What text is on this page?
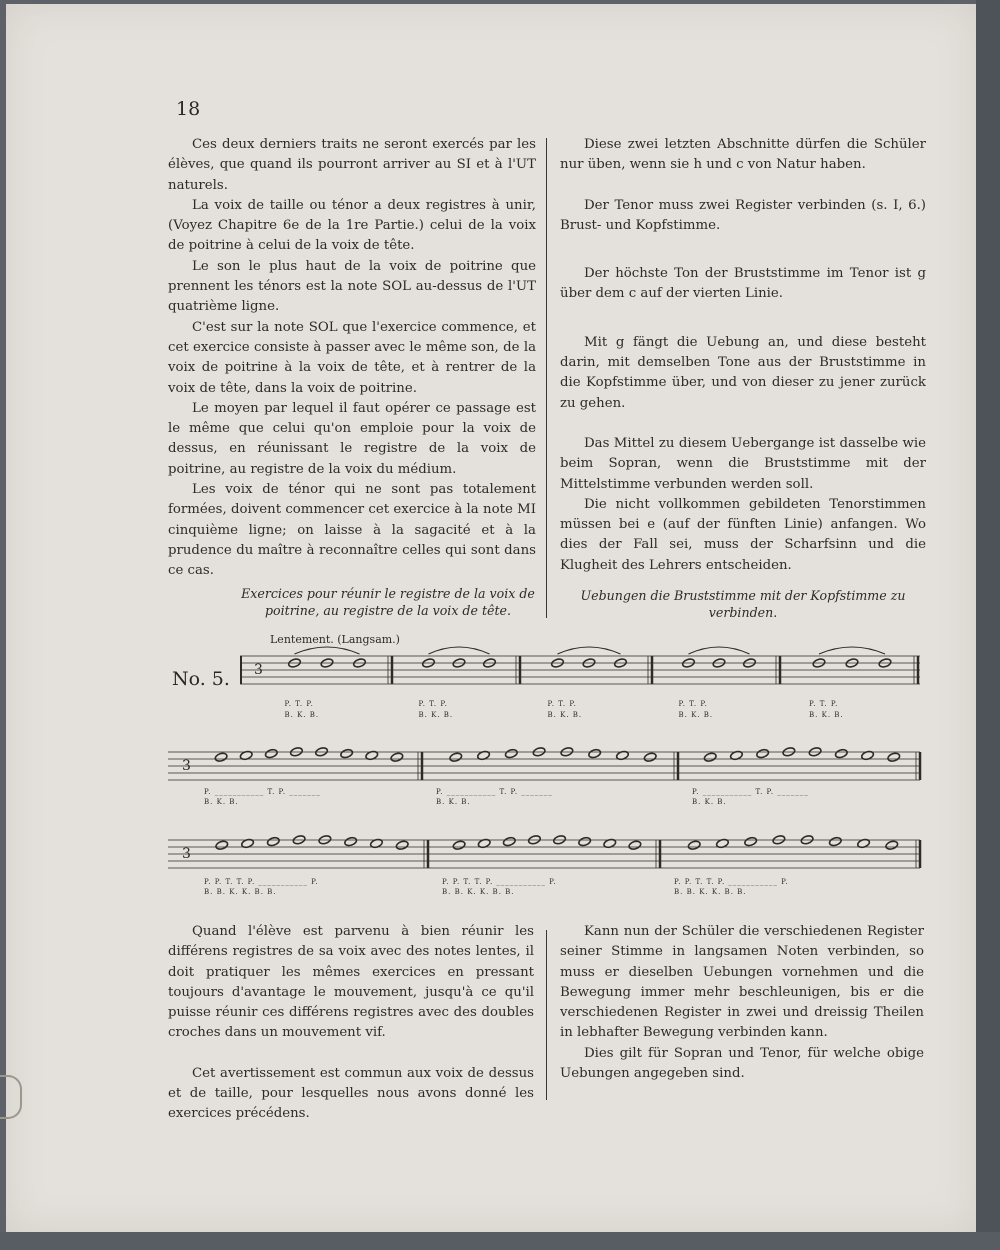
18

Ces deux derniers traits ne seront exercés par les élèves, que quand ils pourront arriver au SI et à l'UT naturels.

La voix de taille ou ténor a deux registres à unir, (Voyez Chapitre 6e de la 1re Partie.) celui de la voix de poitrine à celui de la voix de tête.

Le son le plus haut de la voix de poitrine que prennent les ténors est la note SOL au-dessus de l'UT quatrième ligne.

C'est sur la note SOL que l'exercice commence, et cet exercice consiste à passer avec le même son, de la voix de poitrine à la voix de tête, et à rentrer de la voix de tête, dans la voix de poitrine.

Le moyen par lequel il faut opérer ce passage est le même que celui qu'on emploie pour la voix de dessus, en réunissant le registre de la voix de poitrine, au registre de la voix du médium.

Les voix de ténor qui ne sont pas totalement formées, doivent commencer cet exercice à la note MI cinquième ligne; on laisse à la sagacité et à la prudence du maître à reconnaître celles qui sont dans ce cas.

Diese zwei letzten Abschnitte dürfen die Schüler nur üben, wenn sie h und c von Natur haben.

Der Tenor muss zwei Register verbinden (s. I, 6.) Brust- und Kopfstimme.

Der höchste Ton der Bruststimme im Tenor ist g über dem c auf der vierten Linie.

Mit g fängt die Uebung an, und diese besteht darin, mit demselben Tone aus der Bruststimme in die Kopfstimme über, und von dieser zu jener zurück zu gehen.

Das Mittel zu diesem Uebergange ist dasselbe wie beim Sopran, wenn die Bruststimme mit der Mittelstimme verbunden werden soll.

Die nicht vollkommen gebildeten Tenorstimmen müssen bei e (auf der fünften Linie) anfangen. Wo dies der Fall sei, muss der Scharfsinn und die Klugheit des Lehrers entscheiden.

Exercices pour réunir le registre de la voix de poitrine, au registre de la voix de tête.
Uebungen die Bruststimme mit der Kopfstimme zu verbinden.
Lentement. (Langsam.)
No. 5. 3
P. T. P.
B. K. B.
P. T. P.
B. K. B.
P. T. P.
B. K. B.
P. T. P.
B. K. B.
P. T. P.
B. K. B.
3
P. ___________ T. P. _______
B. K. B.
P. ___________ T. P. _______
B. K. B.
P. ___________ T. P. _______
B. K. B.
3
P. P. T. T. P. ___________ P.
B. B. K. K. B. B.
P. P. T. T. P. ___________ P.
B. B. K. K. B. B.
P. P. T. T. P. ___________ P.
B. B. K. K. B. B.

Quand l'élève est parvenu à bien réunir les différens registres de sa voix avec des notes lentes, il doit pratiquer les mêmes exercices en pressant toujours d'avantage le mouvement, jusqu'à ce qu'il puisse réunir ces différens registres avec des doubles croches dans un mouvement vif.

Cet avertissement est commun aux voix de dessus et de taille, pour lesquelles nous avons donné les exercices précédens.

Kann nun der Schüler die verschiedenen Register seiner Stimme in langsamen Noten verbinden, so muss er dieselben Uebungen vornehmen und die Bewegung immer mehr beschleunigen, bis er die verschiedenen Register in zwei und dreissig Theilen in lebhafter Bewegung verbinden kann.

Dies gilt für Sopran und Tenor, für welche obige Uebungen angegeben sind.
